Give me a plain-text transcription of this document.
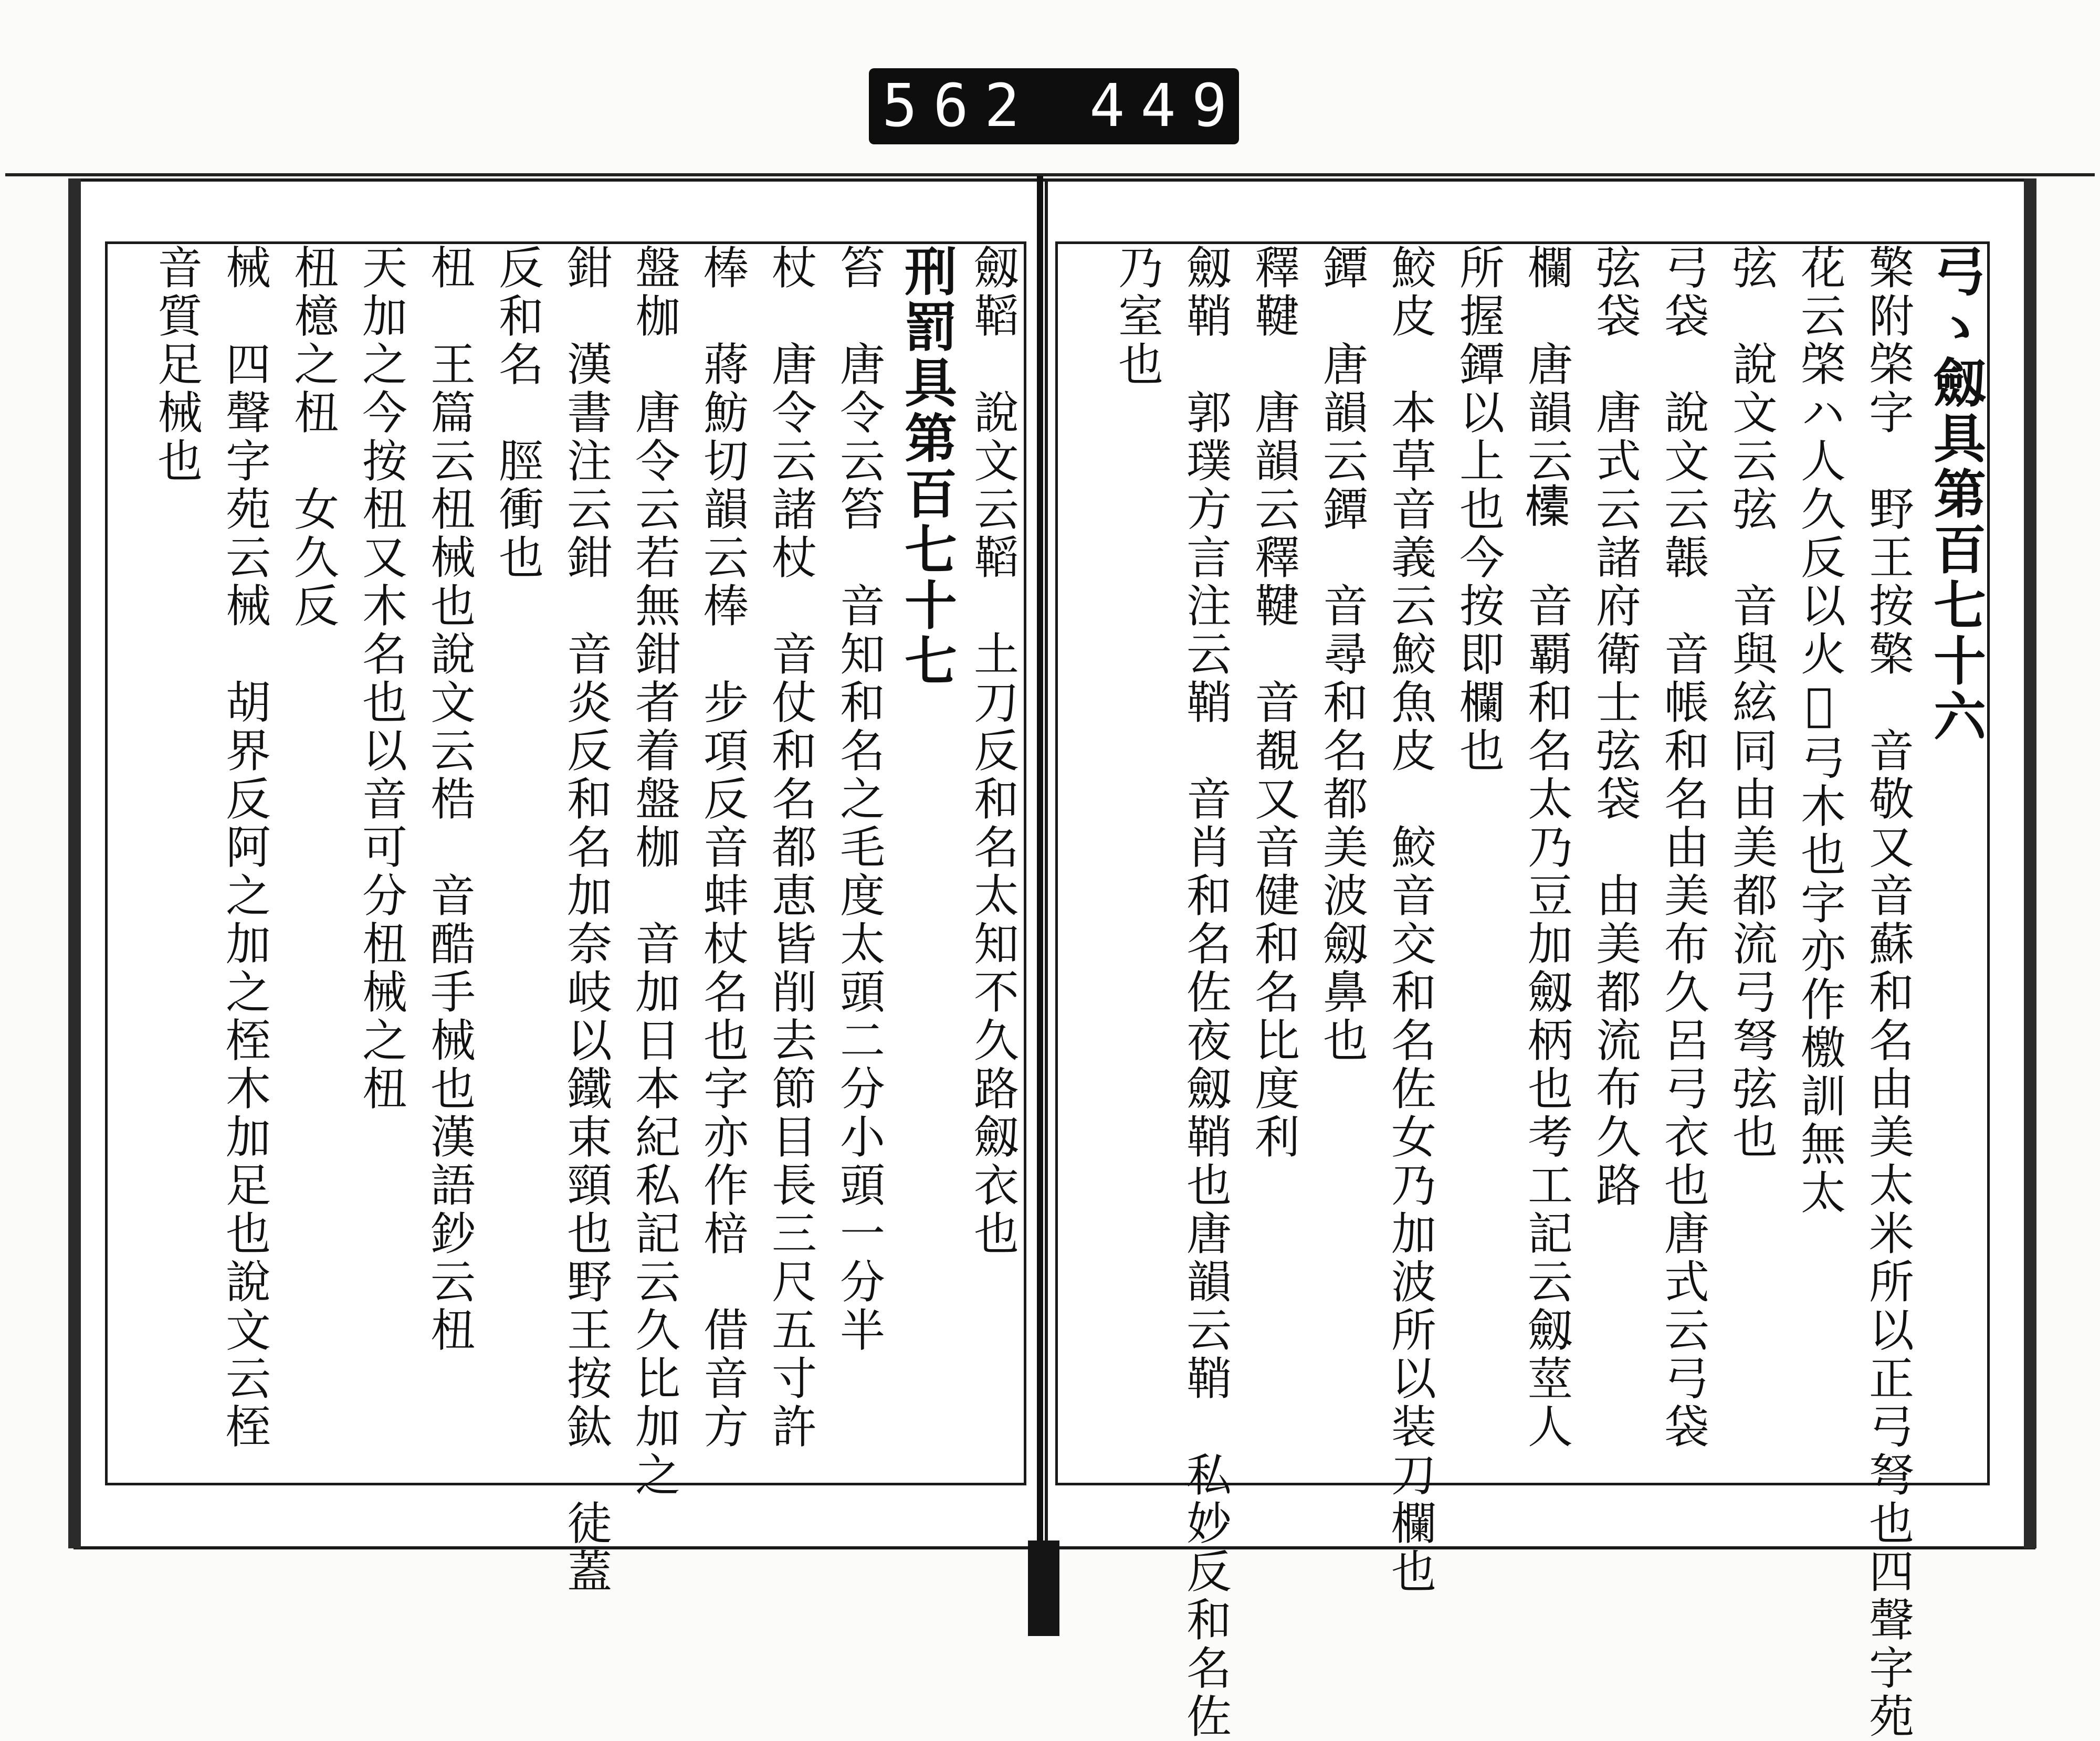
562 449
弓ゝ劔具第百七十六
檠附棨字　野王按檠　音敬又音蘇和名由美太米所以正弓弩也四聲字苑
花云棨ハ人久反以火𪐵弓木也字亦作檄訓無太
弦　說文云弦　音與絃同由美都流弓弩弦也
弓袋　說文云韔　音帳和名由美布久呂弓衣也唐式云弓袋
弦袋　唐式云諸府衛士弦袋　由美都流布久路
欄　唐韻云𣟄　音覇和名太乃豆加劔柄也考工記云劔莖人
所握鐔以上也今按即欄也
鮫皮　本草音義云鮫魚皮　鮫音交和名佐女乃加波所以装刀欄也
鐔　唐韻云鐔　音尋和名都美波劔鼻也
釋鞬　唐韻云釋鞬　音覩又音健和名比度利
劔鞘　郭璞方言注云鞘　音肖和名佐夜劔鞘也唐韻云鞘　私妙反和名佐
乃室也
劔鞱　說文云鞱　土刀反和名太知不久路劔衣也
刑罰具第百七十七
笞　唐令云笞　音知和名之毛度太頭二分小頭一分半
杖　唐令云諸杖　音仗和名都恵皆削去節目長三尺五寸許
棒　蔣魴切韻云棒　步項反音蚌杖名也字亦作棓　借音方
盤枷　唐令云若無鉗者着盤枷　音加日本紀私記云久比加之
鉗　漢書注云鉗　音炎反和名加奈岐以鐵束頸也野王按鈦　徒蓋
反和名　脛衝也
杻　王篇云杻械也說文云梏　音酷手械也漢語鈔云杻
天加之今按杻又木名也以音可分杻械之杻
杻檍之杻　女久反
械　四聲字苑云械　胡界反阿之加之桎木加足也說文云桎
音質足械也
